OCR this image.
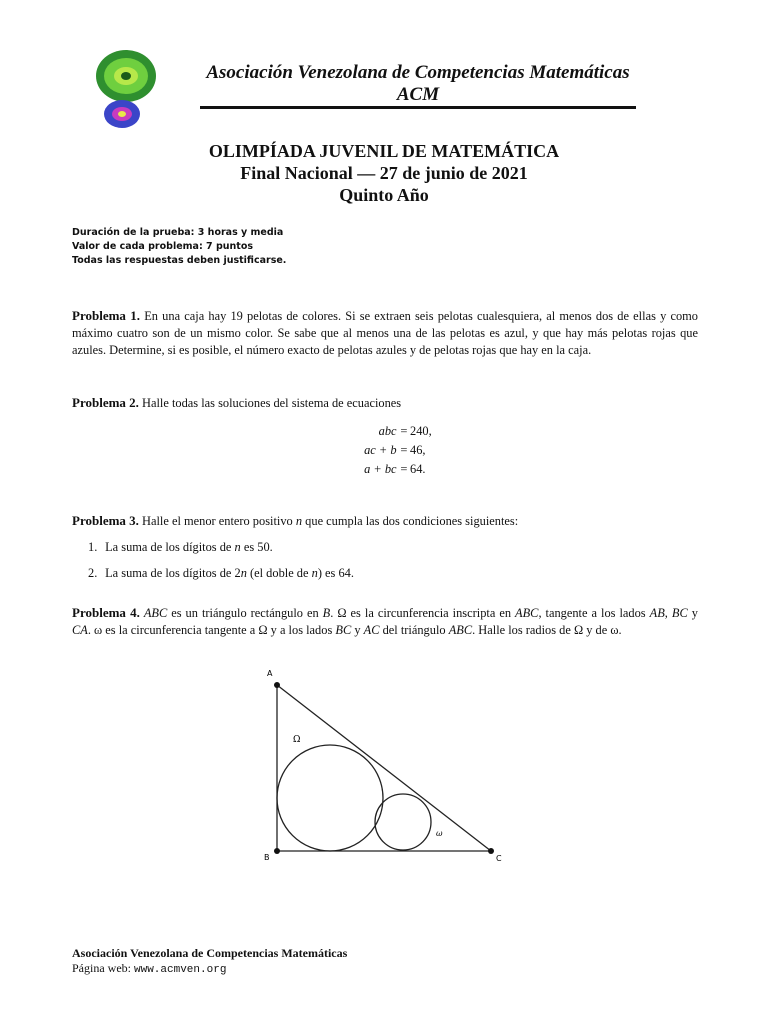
Asociación Venezolana de Competencias Matemáticas
ACM
OLIMPÍADA JUVENIL DE MATEMÁTICA
Final Nacional — 27 de junio de 2021
Quinto Año
Duración de la prueba: 3 horas y media
Valor de cada problema: 7 puntos
Todas las respuestas deben justificarse.
Problema 1. En una caja hay 19 pelotas de colores. Si se extraen seis pelotas cualesquiera, al menos dos de ellas y como máximo cuatro son de un mismo color. Se sabe que al menos una de las pelotas es azul, y que hay más pelotas rojas que azules. Determine, si es posible, el número exacto de pelotas azules y de pelotas rojas que hay en la caja.
Problema 2. Halle todas las soluciones del sistema de ecuaciones
abc = 240,
ac + b = 46,
a + bc = 64.
Problema 3. Halle el menor entero positivo n que cumpla las dos condiciones siguientes:
1. La suma de los dígitos de n es 50.
2. La suma de los dígitos de 2n (el doble de n) es 64.
Problema 4. ABC es un triángulo rectángulo en B. Ω es la circunferencia inscripta en ABC, tangente a los lados AB, BC y CA. ω es la circunferencia tangente a Ω y a los lados BC y AC del triángulo ABC. Halle los radios de Ω y de ω.
A
B	C
Ω
ω
Asociación Venezolana de Competencias Matemáticas
Página web: www.acmven.org
